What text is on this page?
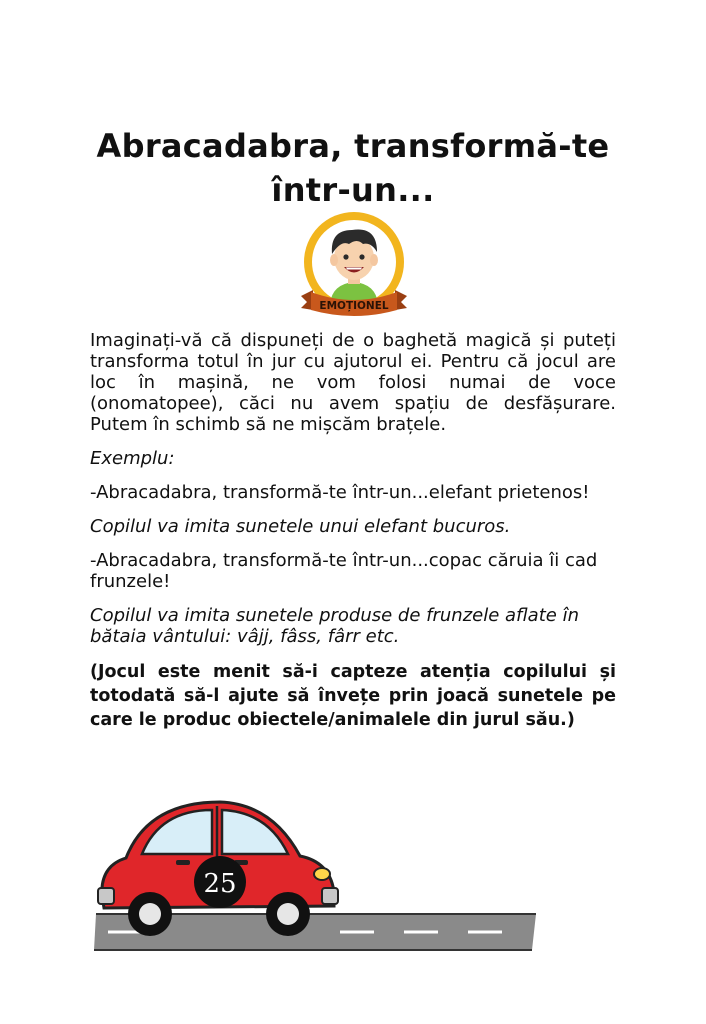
Abracadabra, transformă-te
într-un...
EMOȚIONEL

Imaginați-vă că dispuneți de o baghetă magică și puteți transforma totul în jur cu ajutorul ei. Pentru că jocul are loc în mașină, ne vom folosi numai de voce (onomatopee), căci nu avem spațiu de desfășurare. Putem în schimb să ne mișcăm brațele.

Exemplu:

-Abracadabra, transformă-te într-un...elefant prietenos!

Copilul va imita sunetele unui elefant bucuros.

-Abracadabra, transformă-te într-un...copac căruia îi cad frunzele!

Copilul va imita sunetele produse de frunzele aflate în bătaia vântului: vâjj, fâss, fârr etc.

(Jocul este menit să-i capteze atenția copilului și totodată să-l ajute să învețe prin joacă sunetele pe care le produc obiectele/animalele din jurul său.)

25
